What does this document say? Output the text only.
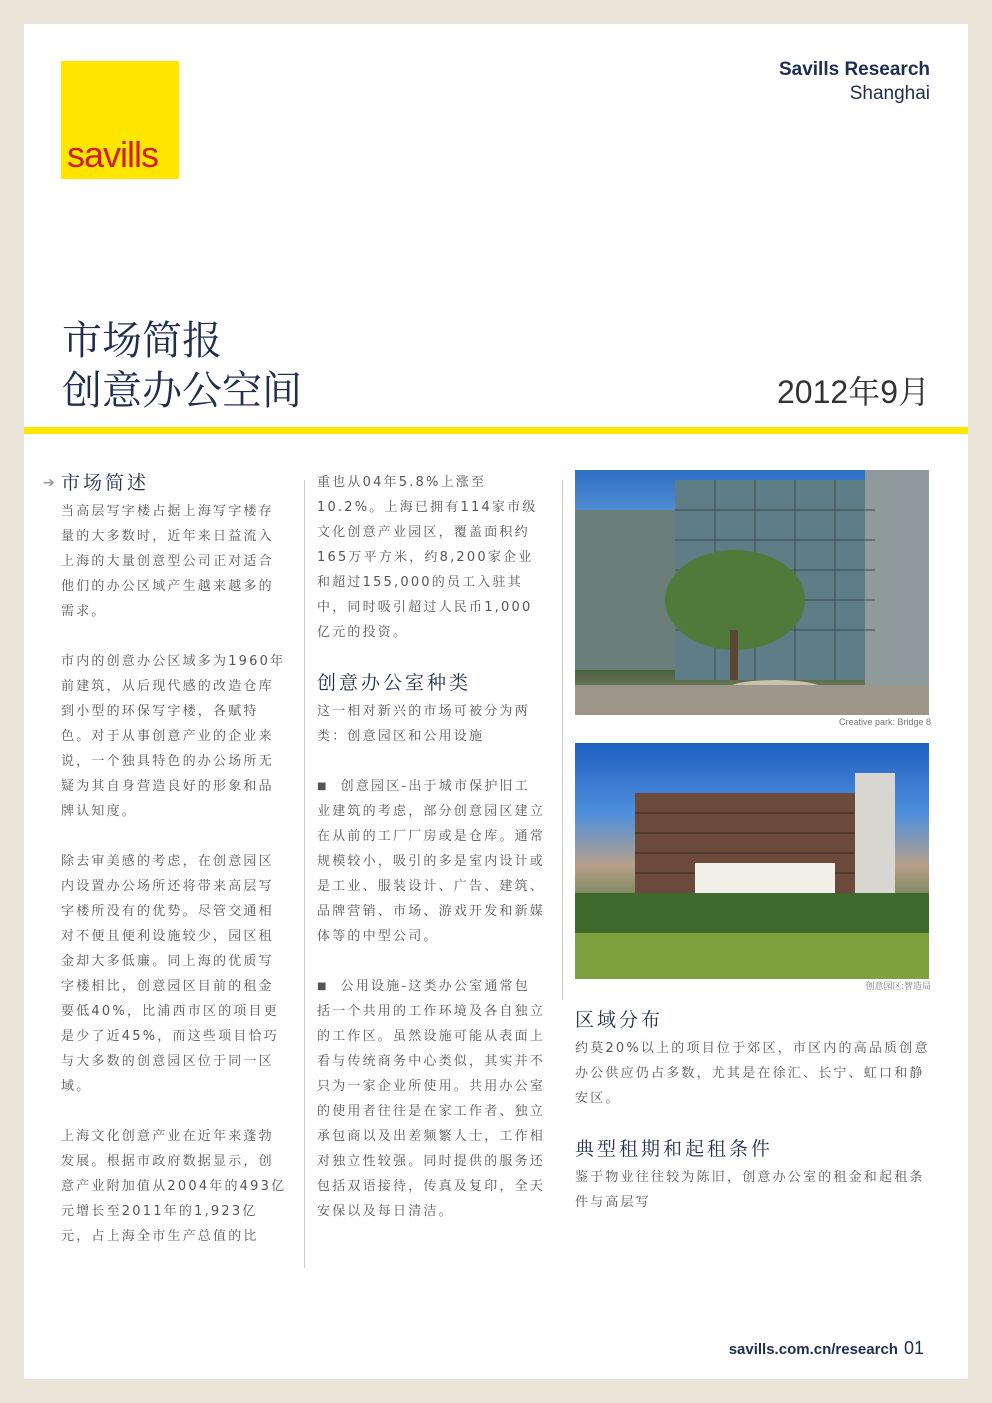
savills
Savills Research
Shanghai
市场简报
创意办公空间	2012年9月
➔ 市场简述

当高层写字楼占据上海写字楼存量的大多数时，近年来日益流入上海的大量创意型公司正对适合他们的办公区域产生越来越多的需求。

市内的创意办公区域多为1960年前建筑，从后现代感的改造仓库到小型的环保写字楼，各赋特色。对于从事创意产业的企业来说，一个独具特色的办公场所无疑为其自身营造良好的形象和品牌认知度。

除去审美感的考虑，在创意园区内设置办公场所还将带来高层写字楼所没有的优势。尽管交通相对不便且便利设施较少，园区租金却大多低廉。同上海的优质写字楼相比，创意园区目前的租金要低40%，比浦西市区的项目更是少了近45%，而这些项目恰巧与大多数的创意园区位于同一区域。

上海文化创意产业在近年来蓬勃发展。根据市政府数据显示，创意产业附加值从2004年的493亿元增长至2011年的1,923亿元，占上海全市生产总值的比

重也从04年5.8%上涨至10.2%。上海已拥有114家市级文化创意产业园区，覆盖面积约165万平方米，约8,200家企业和超过155,000的员工入驻其中，同时吸引超过人民币1,000亿元的投资。

创意办公室种类

这一相对新兴的市场可被分为两类：创意园区和公用设施

■ 创意园区-出于城市保护旧工业建筑的考虑，部分创意园区建立在从前的工厂厂房或是仓库。通常规模较小，吸引的多是室内设计或是工业、服装设计、广告、建筑、品牌营销、市场、游戏开发和新媒体等的中型公司。

■ 公用设施-这类办公室通常包括一个共用的工作环境及各自独立的工作区。虽然设施可能从表面上看与传统商务中心类似，其实并不只为一家企业所使用。共用办公室的使用者往往是在家工作者、独立承包商以及出差频繁人士，工作相对独立性较强。同时提供的服务还包括双语接待，传真及复印，全天安保以及每日清洁。

Creative park: Bridge 8
创意园区:智造局
区域分布

约莫20%以上的项目位于郊区，市区内的高品质创意办公供应仍占多数，尤其是在徐汇、长宁、虹口和静安区。

典型租期和起租条件

鉴于物业往往较为陈旧，创意办公室的租金和起租条件与高层写

savills.com.cn/research 01
